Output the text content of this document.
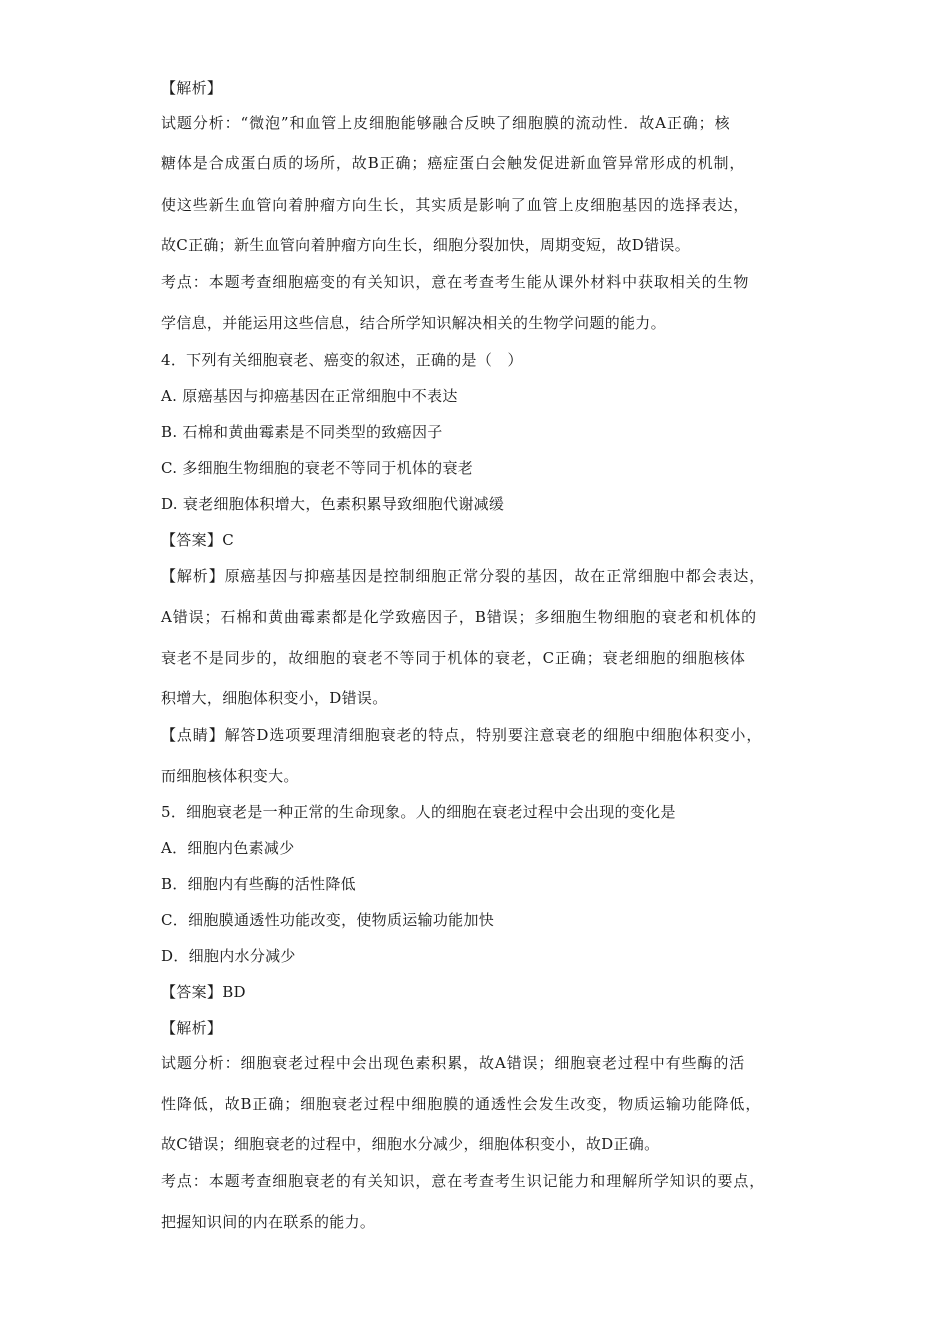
【解析】
试题分析：“微泡”和血管上皮细胞能够融合反映了细胞膜的流动性．故A正确；核
糖体是合成蛋白质的场所，故B正确；癌症蛋白会触发促进新血管异常形成的机制，
使这些新生血管向着肿瘤方向生长，其实质是影响了血管上皮细胞基因的选择表达，
故C正确；新生血管向着肿瘤方向生长，细胞分裂加快，周期变短，故D错误。
考点：本题考查细胞癌变的有关知识，意在考查考生能从课外材料中获取相关的生物
学信息，并能运用这些信息，结合所学知识解决相关的生物学问题的能力。
4．下列有关细胞衰老、癌变的叙述，正确的是（　）
A. 原癌基因与抑癌基因在正常细胞中不表达
B. 石棉和黄曲霉素是不同类型的致癌因子
C. 多细胞生物细胞的衰老不等同于机体的衰老
D. 衰老细胞体积增大，色素积累导致细胞代谢减缓
【答案】C
【解析】原癌基因与抑癌基因是控制细胞正常分裂的基因，故在正常细胞中都会表达，
A错误；石棉和黄曲霉素都是化学致癌因子，B错误；多细胞生物细胞的衰老和机体的
衰老不是同步的，故细胞的衰老不等同于机体的衰老，C正确；衰老细胞的细胞核体
积增大，细胞体积变小，D错误。
【点睛】解答D选项要理清细胞衰老的特点，特别要注意衰老的细胞中细胞体积变小，
而细胞核体积变大。
5．细胞衰老是一种正常的生命现象。人的细胞在衰老过程中会出现的变化是
A．细胞内色素减少
B．细胞内有些酶的活性降低
C．细胞膜通透性功能改变，使物质运输功能加快
D．细胞内水分减少
【答案】BD
【解析】
试题分析：细胞衰老过程中会出现色素积累，故A错误；细胞衰老过程中有些酶的活
性降低，故B正确；细胞衰老过程中细胞膜的通透性会发生改变，物质运输功能降低，
故C错误；细胞衰老的过程中，细胞水分减少，细胞体积变小，故D正确。
考点：本题考查细胞衰老的有关知识，意在考查考生识记能力和理解所学知识的要点，
把握知识间的内在联系的能力。
